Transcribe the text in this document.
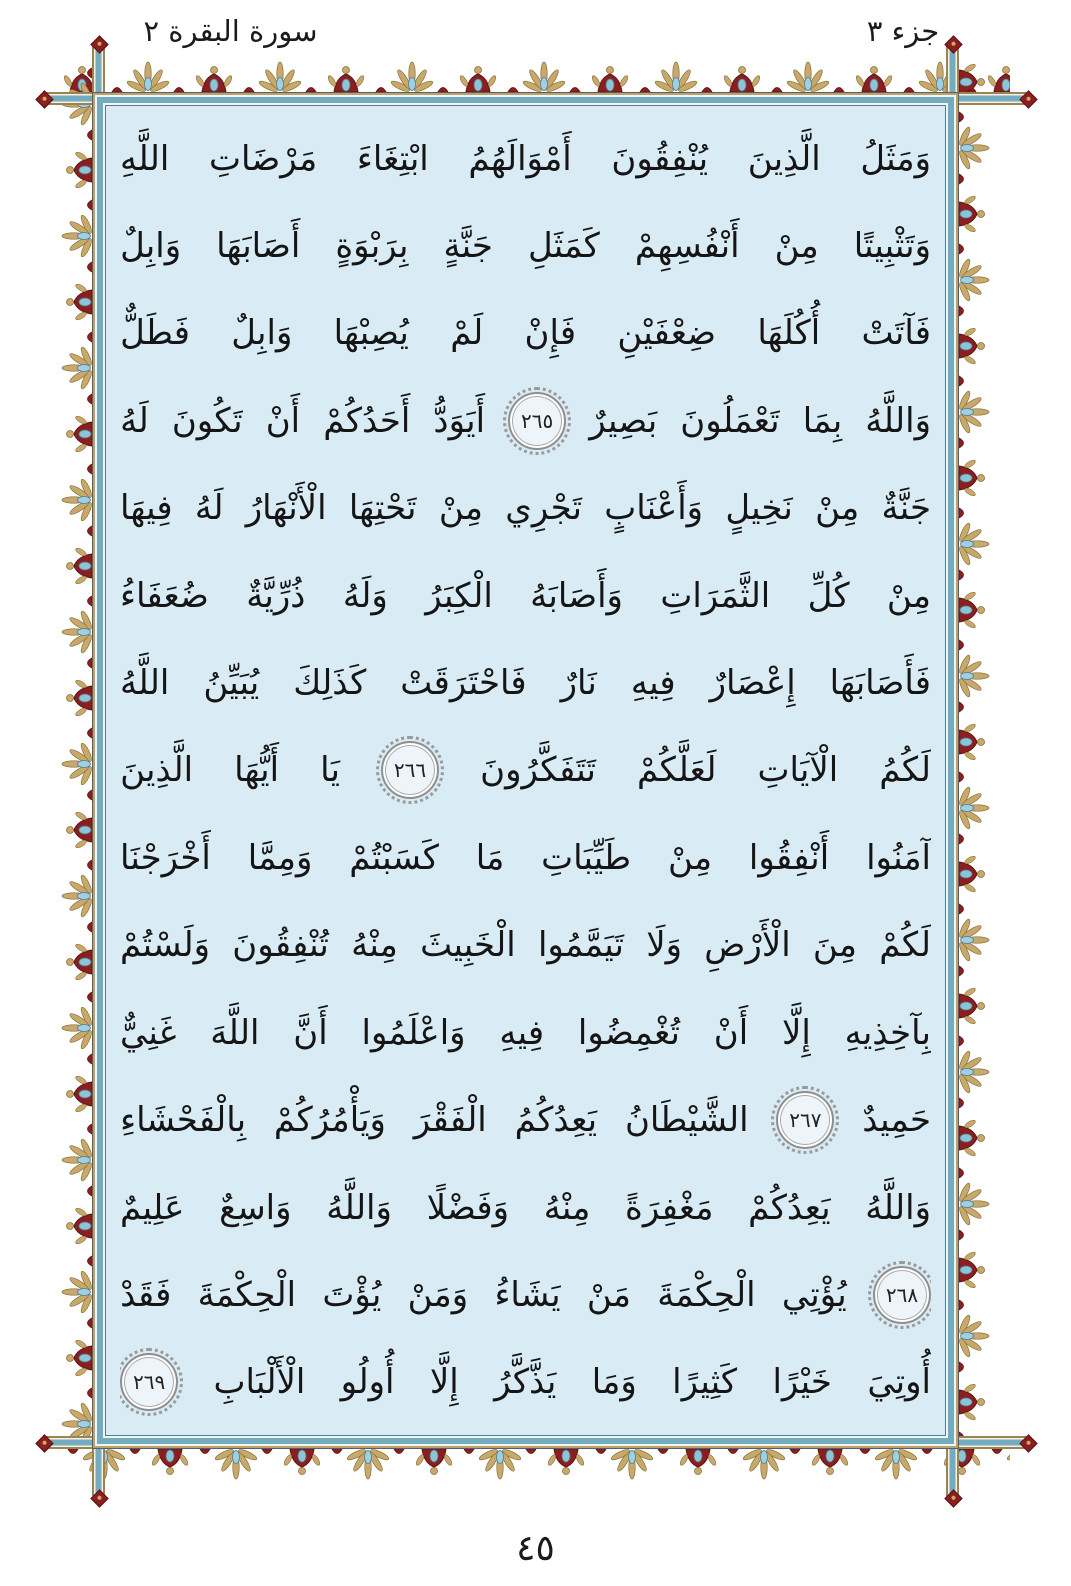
سورة البقرة ٢	جزء ٣
وَمَثَلُ
الَّذِينَ
يُنْفِقُونَ
أَمْوَالَهُمُ
ابْتِغَاءَ
مَرْضَاتِ
اللَّهِ
وَتَثْبِيتًا
مِنْ
أَنْفُسِهِمْ
كَمَثَلِ
جَنَّةٍ
بِرَبْوَةٍ
أَصَابَهَا
وَابِلٌ
فَآتَتْ
أُكُلَهَا
ضِعْفَيْنِ
فَإِنْ
لَمْ
يُصِبْهَا
وَابِلٌ
فَطَلٌّ
وَاللَّهُ
بِمَا
تَعْمَلُونَ
بَصِيرٌ
٢٦٥
أَيَوَدُّ
أَحَدُكُمْ
أَنْ
تَكُونَ
لَهُ
جَنَّةٌ
مِنْ
نَخِيلٍ
وَأَعْنَابٍ
تَجْرِي
مِنْ
تَحْتِهَا
الْأَنْهَارُ
لَهُ
فِيهَا
مِنْ
كُلِّ
الثَّمَرَاتِ
وَأَصَابَهُ
الْكِبَرُ
وَلَهُ
ذُرِّيَّةٌ
ضُعَفَاءُ
فَأَصَابَهَا
إِعْصَارٌ
فِيهِ
نَارٌ
فَاحْتَرَقَتْ
كَذَلِكَ
يُبَيِّنُ
اللَّهُ
لَكُمُ
الْآيَاتِ
لَعَلَّكُمْ
تَتَفَكَّرُونَ
٢٦٦
يَا
أَيُّهَا
الَّذِينَ
آمَنُوا
أَنْفِقُوا
مِنْ
طَيِّبَاتِ
مَا
كَسَبْتُمْ
وَمِمَّا
أَخْرَجْنَا
لَكُمْ
مِنَ
الْأَرْضِ
وَلَا
تَيَمَّمُوا
الْخَبِيثَ
مِنْهُ
تُنْفِقُونَ
وَلَسْتُمْ
بِآخِذِيهِ
إِلَّا
أَنْ
تُغْمِضُوا
فِيهِ
وَاعْلَمُوا
أَنَّ
اللَّهَ
غَنِيٌّ
حَمِيدٌ
٢٦٧
الشَّيْطَانُ
يَعِدُكُمُ
الْفَقْرَ
وَيَأْمُرُكُمْ
بِالْفَحْشَاءِ
وَاللَّهُ
يَعِدُكُمْ
مَغْفِرَةً
مِنْهُ
وَفَضْلًا
وَاللَّهُ
وَاسِعٌ
عَلِيمٌ
٢٦٨
يُؤْتِي
الْحِكْمَةَ
مَنْ
يَشَاءُ
وَمَنْ
يُؤْتَ
الْحِكْمَةَ
فَقَدْ
أُوتِيَ
خَيْرًا
كَثِيرًا
وَمَا
يَذَّكَّرُ
إِلَّا
أُولُو
الْأَلْبَابِ
٢٦٩
٤٥
